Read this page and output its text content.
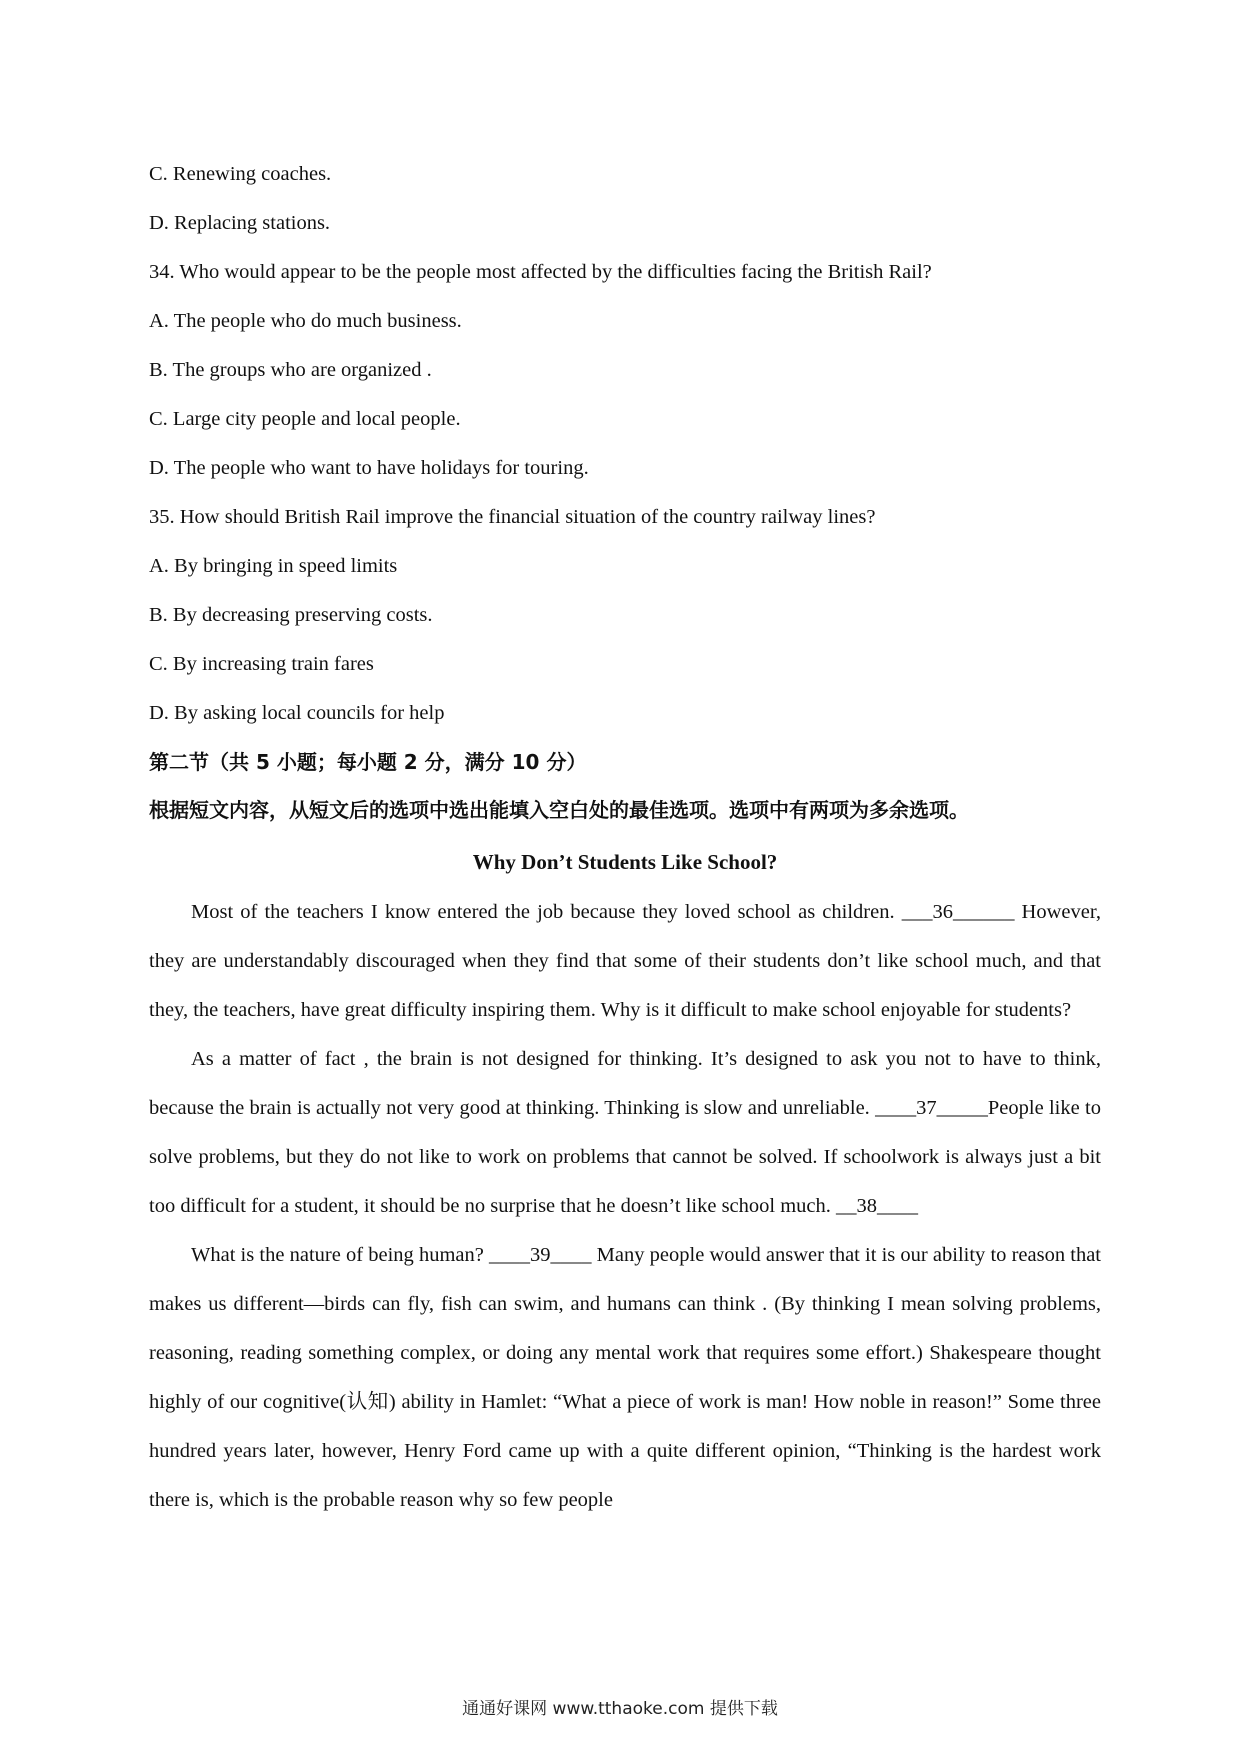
C. Renewing coaches.
D. Replacing stations.
34. Who would appear to be the people most affected by the difficulties facing the British Rail?
A. The people who do much business.
B. The groups who are organized .
C. Large city people and local people.
D. The people who want to have holidays for touring.
35. How should British Rail improve the financial situation of the country railway lines?
A. By bringing in speed limits
B. By decreasing preserving costs.
C. By increasing train fares
D. By asking local councils for help
第二节（共 5 小题；每小题 2 分，满分 10 分）
根据短文内容，从短文后的选项中选出能填入空白处的最佳选项。选项中有两项为多余选项。
Why Don’t Students Like School?

Most of the teachers I know entered the job because they loved school as children. ___36______ However, they are understandably discouraged when they find that some of their students don’t like school much, and that they, the teachers, have great difficulty inspiring them. Why is it difficult to make school enjoyable for students?

As a matter of fact , the brain is not designed for thinking. It’s designed to ask you not to have to think, because the brain is actually not very good at thinking. Thinking is slow and unreliable. ____37_____People like to solve problems, but they do not like to work on problems that cannot be solved. If schoolwork is always just a bit too difficult for a student, it should be no surprise that he doesn’t like school much. __38____

What is the nature of being human? ____39____ Many people would answer that it is our ability to reason that makes us different—birds can fly, fish can swim, and humans can think . (By thinking I mean solving problems, reasoning, reading something complex, or doing any mental work that requires some effort.) Shakespeare thought highly of our cognitive(认知) ability in Hamlet: “What a piece of work is man! How noble in reason!” Some three hundred years later, however, Henry Ford came up with a quite different opinion, “Thinking is the hardest work there is, which is the probable reason why so few people

通通好课网 www.tthaoke.com 提供下载
